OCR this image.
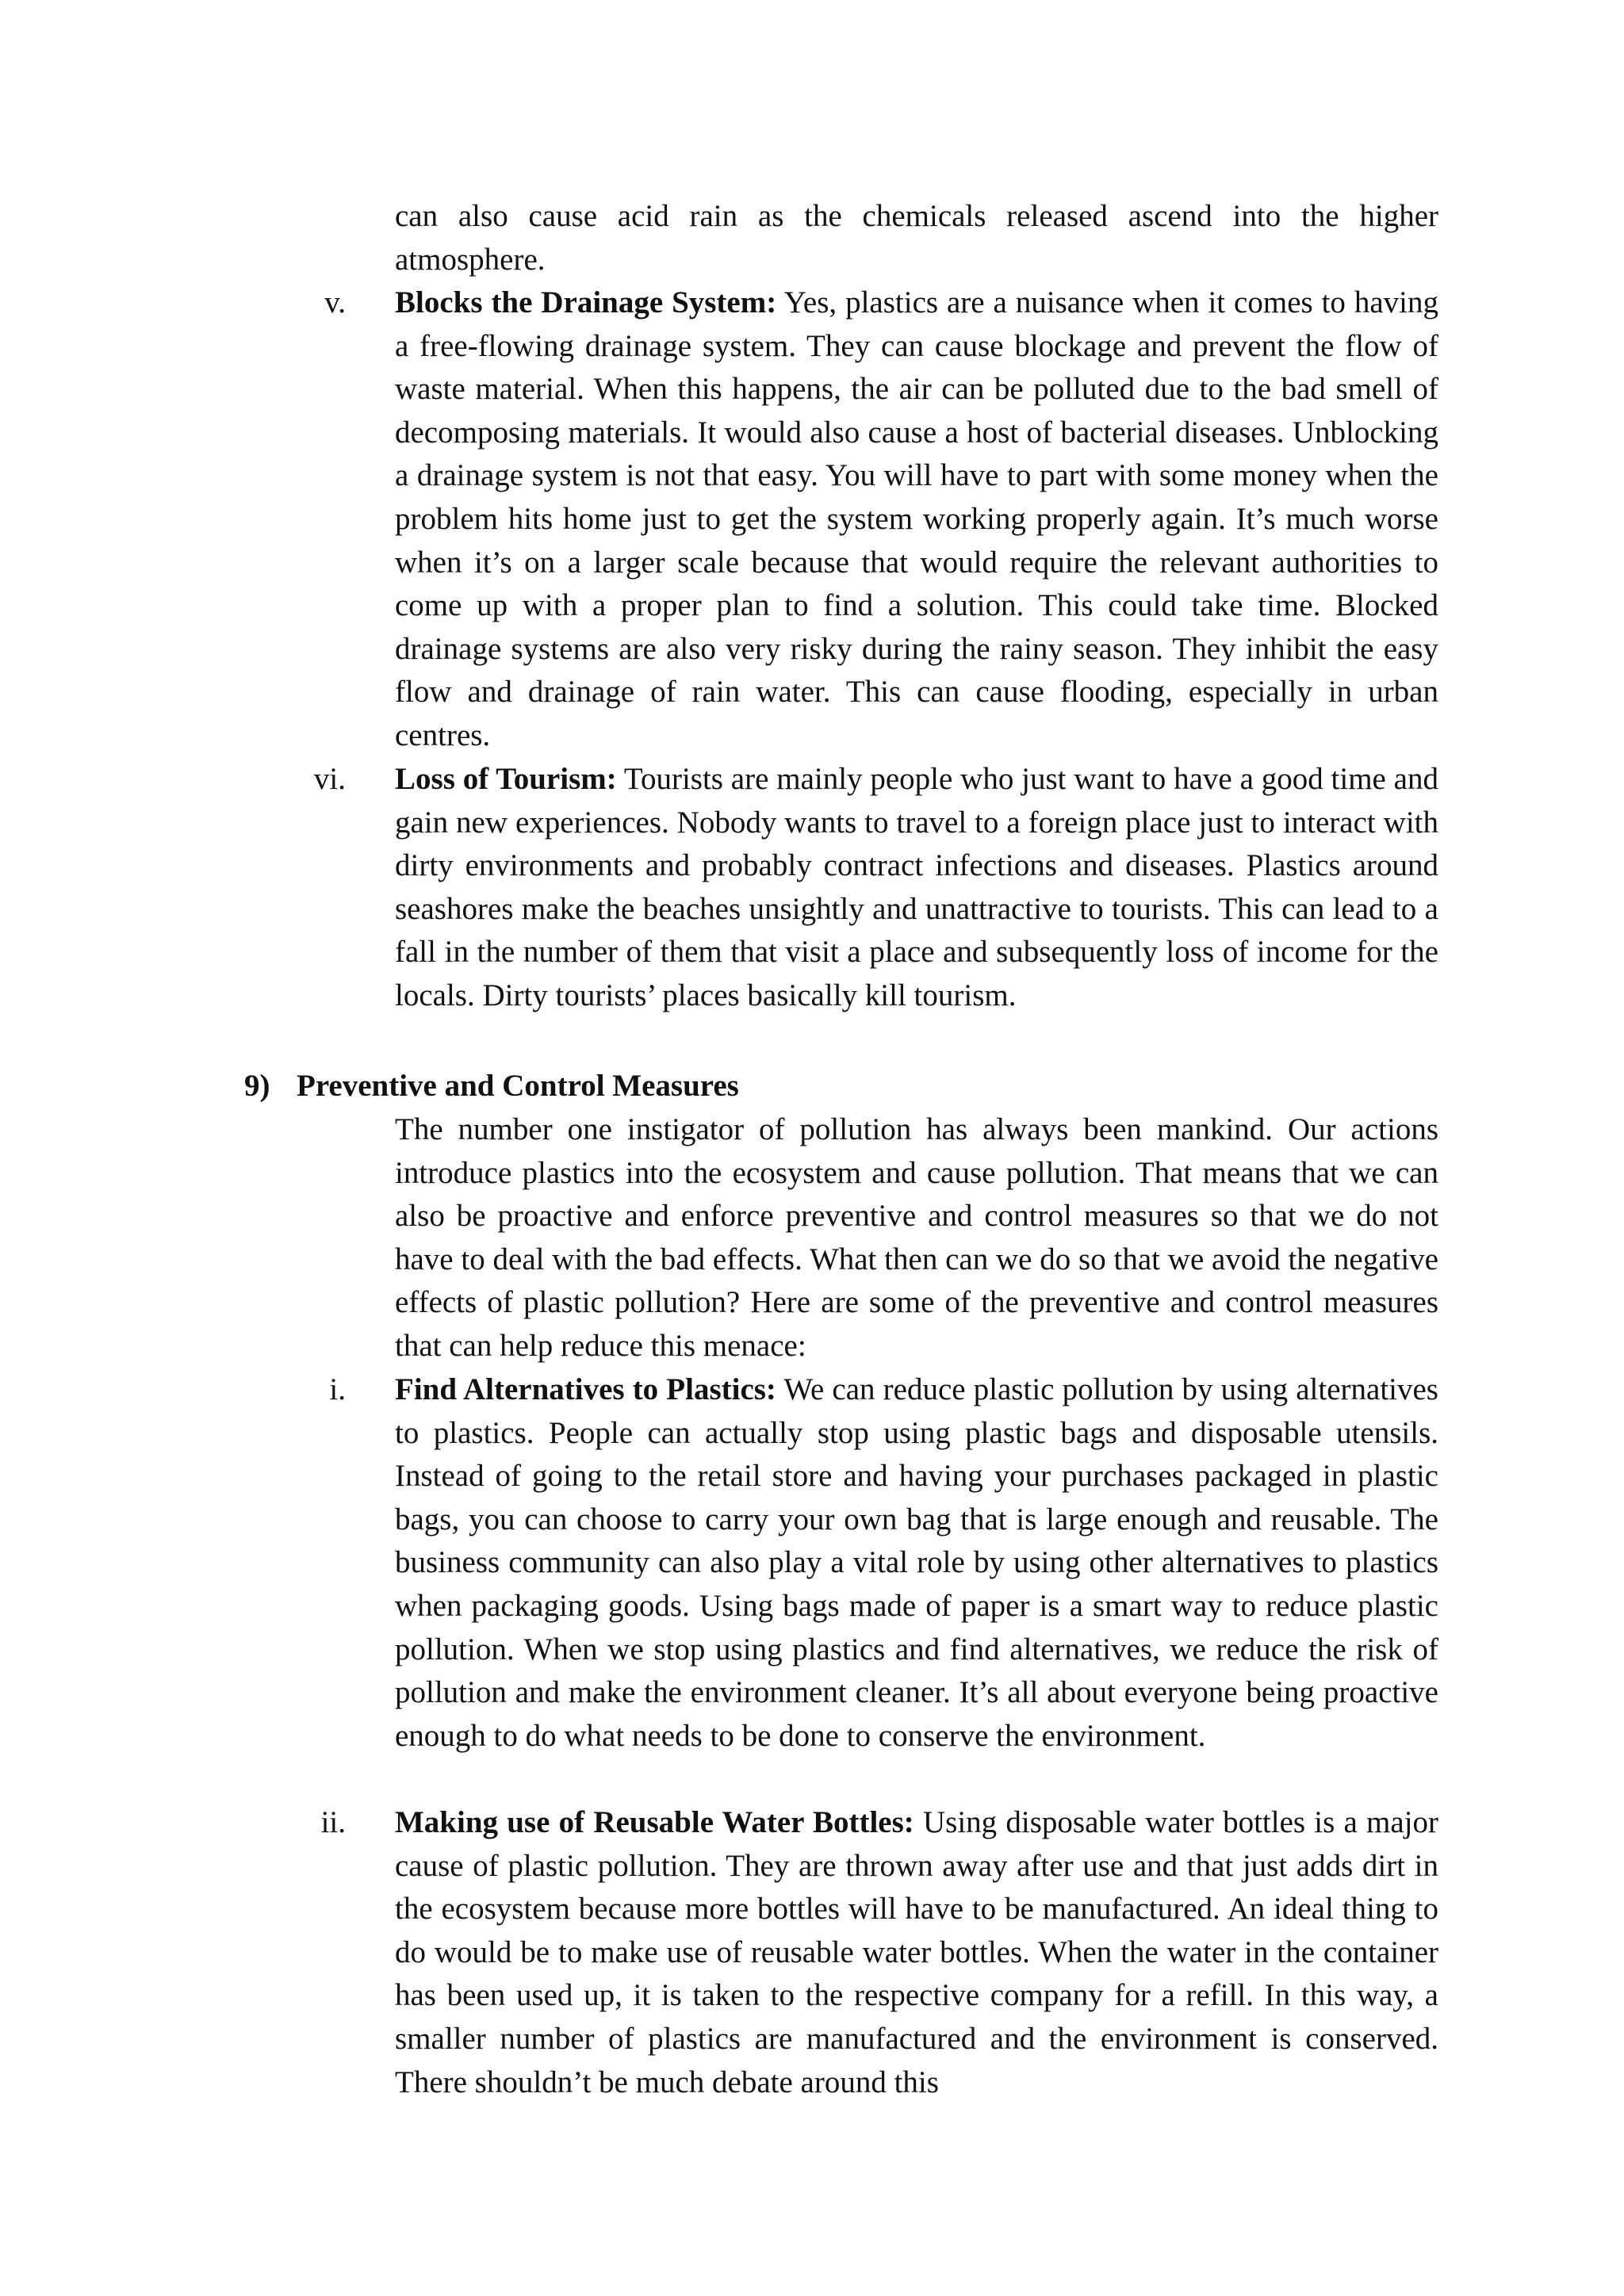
can also cause acid rain as the chemicals released ascend into the higher atmosphere.

v. Blocks the Drainage System: Yes, plastics are a nuisance when it comes to having a free-flowing drainage system. They can cause blockage and prevent the flow of waste material. When this happens, the air can be polluted due to the bad smell of decomposing materials. It would also cause a host of bacterial diseases. Unblocking a drainage system is not that easy. You will have to part with some money when the problem hits home just to get the system working properly again. It’s much worse when it’s on a larger scale because that would require the relevant authorities to come up with a proper plan to find a solution. This could take time. Blocked drainage systems are also very risky during the rainy season. They inhibit the easy flow and drainage of rain water. This can cause flooding, especially in urban centres.

vi. Loss of Tourism: Tourists are mainly people who just want to have a good time and gain new experiences. Nobody wants to travel to a foreign place just to interact with dirty environments and probably contract infections and diseases. Plastics around seashores make the beaches unsightly and unattractive to tourists. This can lead to a fall in the number of them that visit a place and subsequently loss of income for the locals. Dirty tourists’ places basically kill tourism.

9) Preventive and Control Measures

The number one instigator of pollution has always been mankind. Our actions introduce plastics into the ecosystem and cause pollution. That means that we can also be proactive and enforce preventive and control measures so that we do not have to deal with the bad effects. What then can we do so that we avoid the negative effects of plastic pollution? Here are some of the preventive and control measures that can help reduce this menace:

i. Find Alternatives to Plastics: We can reduce plastic pollution by using alternatives to plastics. People can actually stop using plastic bags and disposable utensils. Instead of going to the retail store and having your purchases packaged in plastic bags, you can choose to carry your own bag that is large enough and reusable. The business community can also play a vital role by using other alternatives to plastics when packaging goods. Using bags made of paper is a smart way to reduce plastic pollution. When we stop using plastics and find alternatives, we reduce the risk of pollution and make the environment cleaner. It’s all about everyone being proactive enough to do what needs to be done to conserve the environment.

ii. Making use of Reusable Water Bottles: Using disposable water bottles is a major cause of plastic pollution. They are thrown away after use and that just adds dirt in the ecosystem because more bottles will have to be manufactured. An ideal thing to do would be to make use of reusable water bottles. When the water in the container has been used up, it is taken to the respective company for a refill. In this way, a smaller number of plastics are manufactured and the environment is conserved. There shouldn’t be much debate around this
